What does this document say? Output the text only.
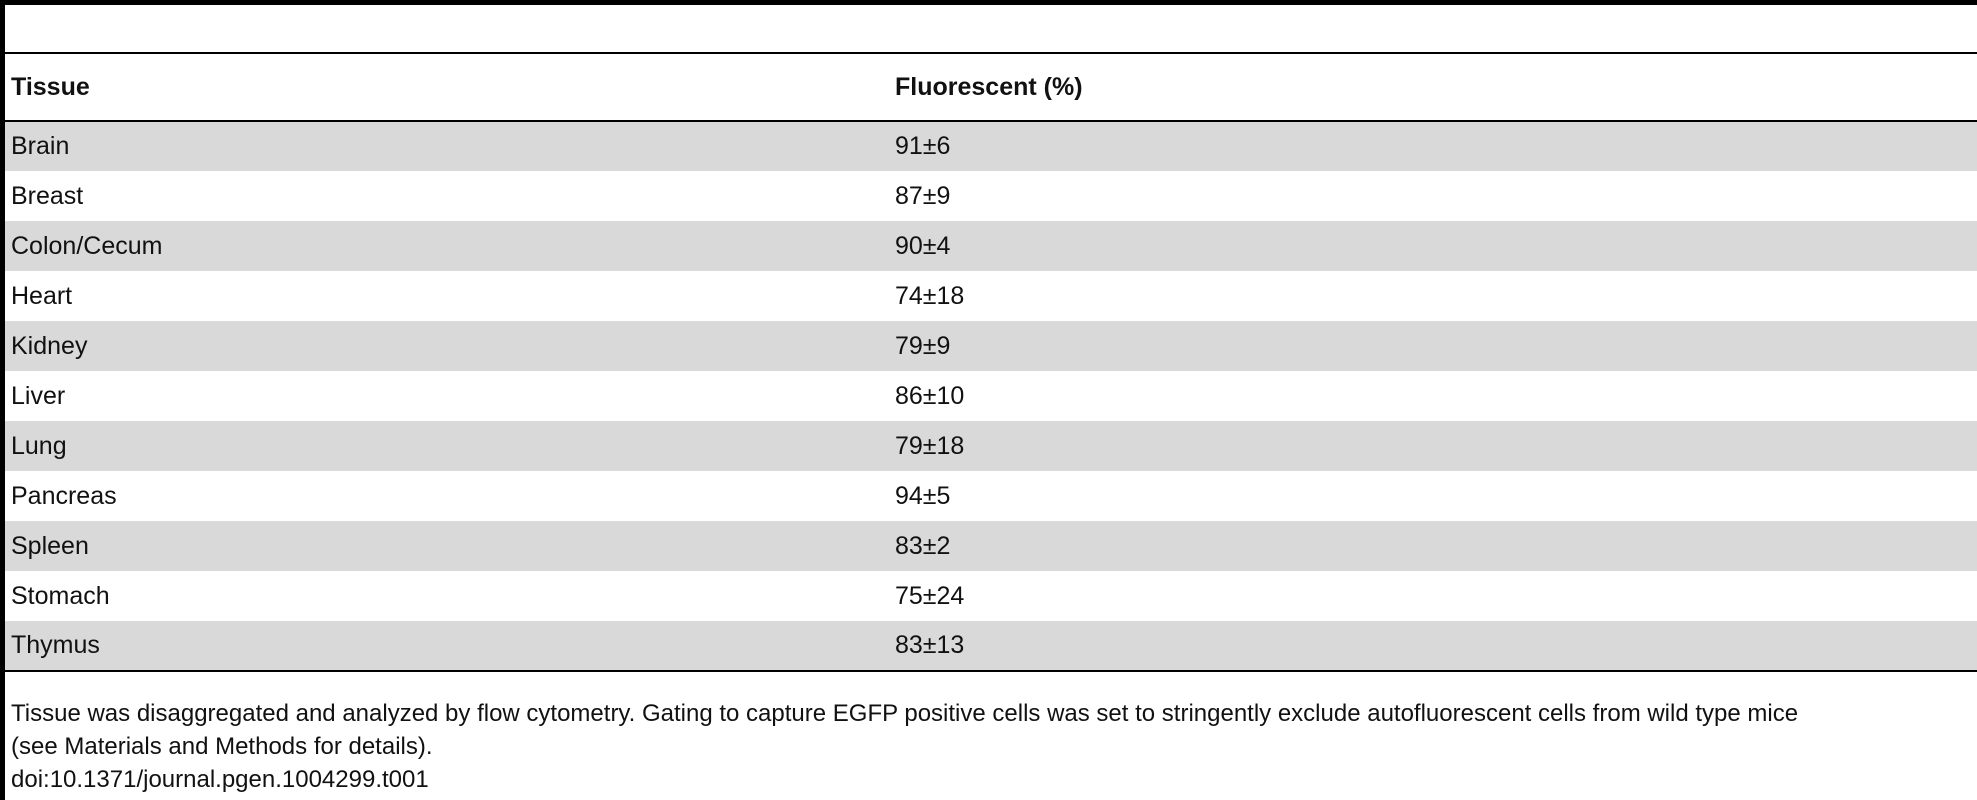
Tissue	Fluorescent (%)
Brain	91±6
Breast	87±9
Colon/Cecum	90±4
Heart	74±18
Kidney	79±9
Liver	86±10
Lung	79±18
Pancreas	94±5
Spleen	83±2
Stomach	75±24
Thymus	83±13

Tissue was disaggregated and analyzed by flow cytometry. Gating to capture EGFP positive cells was set to stringently exclude autofluorescent cells from wild type mice

(see Materials and Methods for details).

doi:10.1371/journal.pgen.1004299.t001
